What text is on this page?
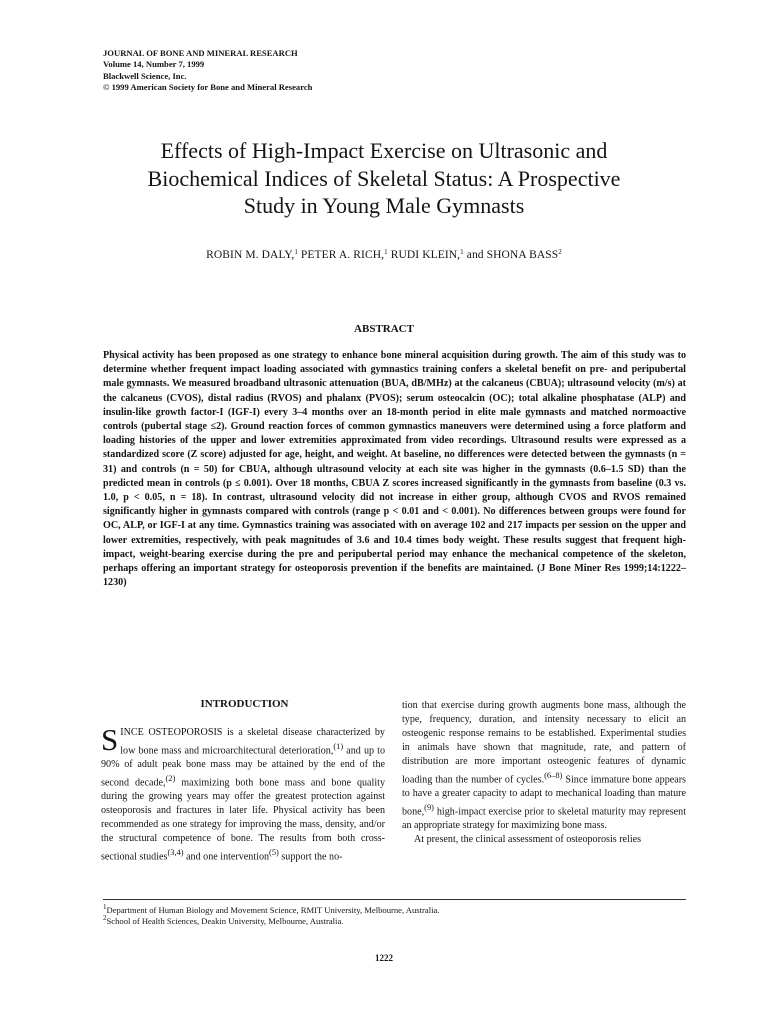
JOURNAL OF BONE AND MINERAL RESEARCH
Volume 14, Number 7, 1999
Blackwell Science, Inc.
© 1999 American Society for Bone and Mineral Research
Effects of High-Impact Exercise on Ultrasonic and
Biochemical Indices of Skeletal Status: A Prospective
Study in Young Male Gymnasts
ROBIN M. DALY,$^1$ PETER A. RICH,$^1$ RUDI KLEIN,$^1$ and SHONA BASS$^2$
ABSTRACT

Physical activity has been proposed as one strategy to enhance bone mineral acquisition during growth. The aim of this study was to determine whether frequent impact loading associated with gymnastics training confers a skeletal benefit on pre- and peripubertal male gymnasts. We measured broadband ultrasonic attenuation (BUA, dB/MHz) at the calcaneus (CBUA); ultrasound velocity (m/s) at the calcaneus (CVOS), distal radius (RVOS) and phalanx (PVOS); serum osteocalcin (OC); total alkaline phosphatase (ALP) and insulin-like growth factor-I (IGF-I) every 3–4 months over an 18-month period in elite male gymnasts and matched normoactive controls (pubertal stage ≤2). Ground reaction forces of common gymnastics maneuvers were determined using a force platform and loading histories of the upper and lower extremities approximated from video recordings. Ultrasound results were expressed as a standardized score (Z score) adjusted for age, height, and weight. At baseline, no differences were detected between the gymnasts (n = 31) and controls (n = 50) for CBUA, although ultrasound velocity at each site was higher in the gymnasts (0.6–1.5 SD) than the predicted mean in controls (p ≤ 0.001). Over 18 months, CBUA Z scores increased significantly in the gymnasts from baseline (0.3 vs. 1.0, p < 0.05, n = 18). In contrast, ultrasound velocity did not increase in either group, although CVOS and RVOS remained significantly higher in gymnasts compared with controls (range p < 0.01 and < 0.001). No differences between groups were found for OC, ALP, or IGF-I at any time. Gymnastics training was associated with on average 102 and 217 impacts per session on the upper and lower extremities, respectively, with peak magnitudes of 3.6 and 10.4 times body weight. These results suggest that frequent high-impact, weight-bearing exercise during the pre and peripubertal period may enhance the mechanical competence of the skeleton, perhaps offering an important strategy for osteoporosis prevention if the benefits are maintained. (J Bone Miner Res 1999;14:1222–1230)

INTRODUCTION

SINCE OSTEOPOROSIS is a skeletal disease characterized by low bone mass and microarchitectural deterioration,$^{(1)}$ and up to 90% of adult peak bone mass may be attained by the end of the second decade,$^{(2)}$ maximizing both bone mass and bone quality during the growing years may offer the greatest protection against osteoporosis and fractures in later life. Physical activity has been recommended as one strategy for improving the mass, density, and/or the structural competence of bone. The results from both cross-sectional studies$^{(3,4)}$ and one intervention$^{(5)}$ support the no-

tion that exercise during growth augments bone mass, although the type, frequency, duration, and intensity necessary to elicit an osteogenic response remains to be established. Experimental studies in animals have shown that magnitude, rate, and pattern of distribution are more important osteogenic features of dynamic loading than the number of cycles.$^{(6-8)}$ Since immature bone appears to have a greater capacity to adapt to mechanical loading than mature bone,$^{(9)}$ high-impact exercise prior to skeletal maturity may represent an appropriate strategy for maximizing bone mass.

At present, the clinical assessment of osteoporosis relies

$^1$Department of Human Biology and Movement Science, RMIT University, Melbourne, Australia.
$^2$School of Health Sciences, Deakin University, Melbourne, Australia.
1222
